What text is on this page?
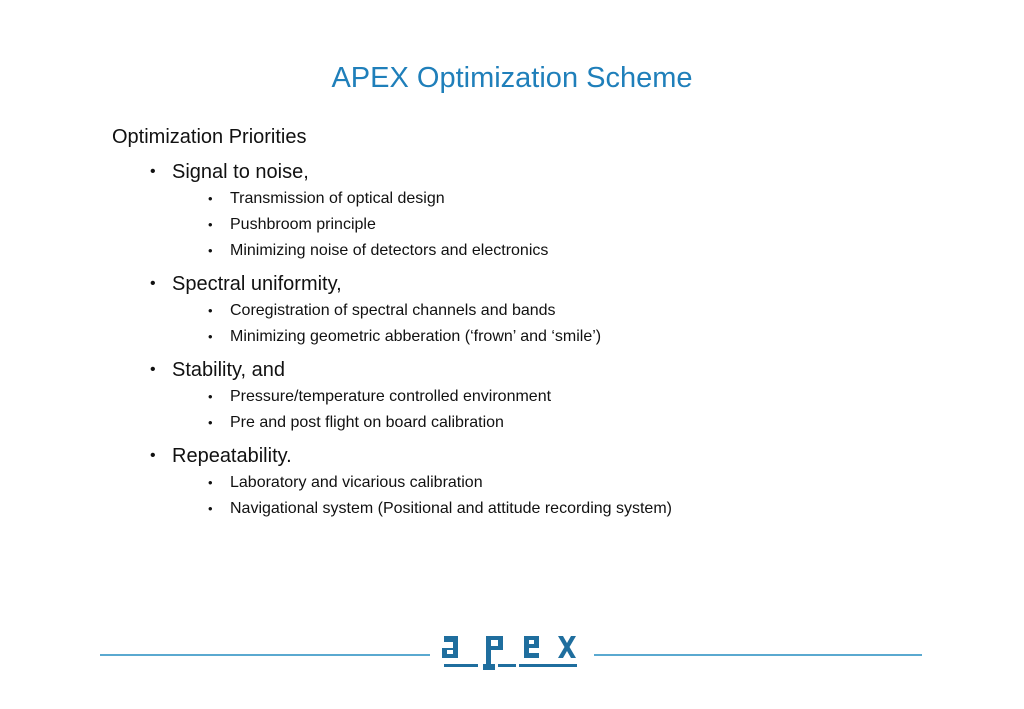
APEX Optimization Scheme
Optimization Priorities
• Signal to noise,
•	Transmission of optical design
•	Pushbroom principle
•	Minimizing noise of detectors and electronics
• Spectral uniformity,
•	Coregistration of spectral channels and bands
•	Minimizing geometric abberation (‘frown’ and ‘smile’)
• Stability, and
•	Pressure/temperature controlled environment
•	Pre and post flight on board calibration
• Repeatability.
•	Laboratory and vicarious calibration
•	Navigational system (Positional and attitude recording system)
